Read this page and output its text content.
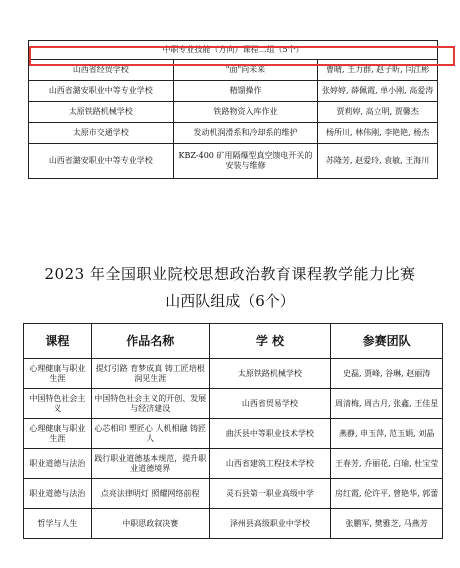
中职专业技能（方向）课程二组（5个）		
山西省经贸学校	"面"向未来	曹晴, 王力群, 赵子昕, 闫江彬
山西省潞安职业中等专业学校	精馏操作	张婷婷, 薛佩霞, 单小刚, 高爱涛
太原铁路机械学校	铁路物资入库作业	贾莉婷, 高立明, 贾馨杰
太原市交通学校	发动机润滑系和冷却系的维护	杨所川, 林伟刚, 李艳艳, 杨杰
山西省潞安职业中等专业学校	KBZ-400 矿用隔爆型真空馈电开关的安装与维修	苏隆芳, 赵爱玲, 袁敏, 王海川
2023 年全国职业院校思想政治教育课程教学能力比赛
山西队组成（6个）
课程	作品名称	学 校	参赛团队
心理健康与职业生涯	提灯引路 育梦成真 铸工匠培根 润见生涯	太原铁路机械学校	史磊, 贾峰, 谷琳, 赵丽涛
中国特色社会主义	中国特色社会主义的开创、发展与经济建设	山西省贸易学校	周清梅, 周古月, 张鑫, 王佳星
心理健康与职业生涯	心芯相印 塑匠心 人机相融 铸匠人	曲沃县中等职业技术学校	燕静, 申玉萍, 范玉娟, 刘晶
职业道德与法治	践行职业道德基本规范，提升职业道德境界	山西省建筑工程技术学校	王春芳, 乔丽花, 白瑜, 杜宝莹
职业道德与法治	点亮法律明灯 照耀网络前程	灵石县第一职业高级中学	房红霞, 伦许平, 曾艳华, 郭蕾
哲学与人生	中职思政叙决赛	泽州县高级职业中学校	张鹏军, 樊雅芝, 马燕芳
